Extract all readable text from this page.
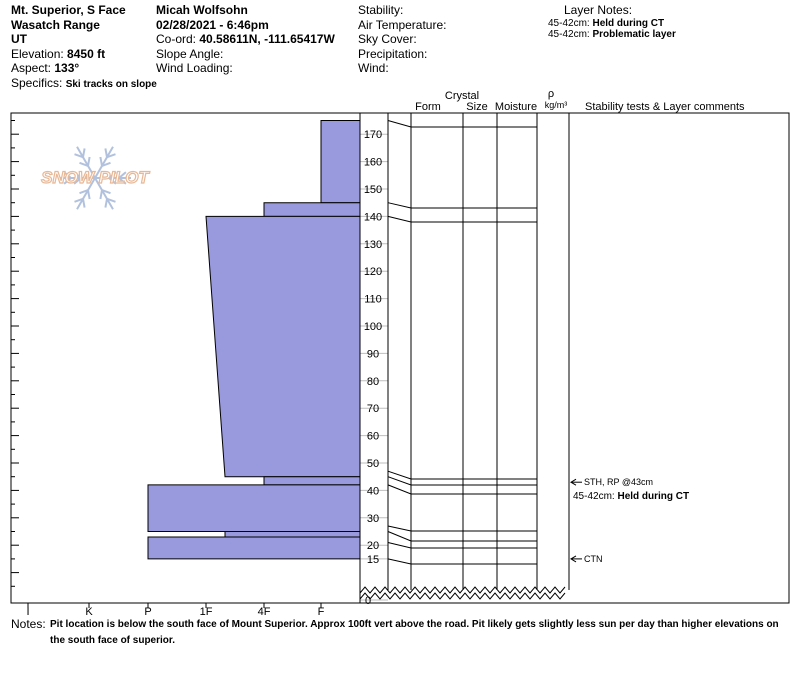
Mt. Superior, S Face
Wasatch Range
UT
Elevation: 8450 ft
Aspect: 133°
Specifics: Ski tracks on slope
Micah Wolfsohn
02/28/2021 - 6:46pm
Co-ord: 40.58611N, -111.65417W
Slope Angle:
Wind Loading:
Stability:
Air Temperature:
Sky Cover:
Precipitation:
Wind:
Layer Notes:
45-42cm: Held during CT
45-42cm: Problematic layer
SNOW PILOT
0
15
20
30
40
50
60
70
80
90
100
110
120
130
140
150
160
170
I	K	P	1F	4F	F
Crystal
Form Size Moisture
ρ
kg/m³ Stability tests & Layer comments
STH, RP @43cm
45-42cm: Held during CT
CTN
Notes: Pit location is below the south face of Mount Superior. Approx 100ft vert above the road. Pit likely gets slightly less sun per day than higher elevations on the south face of superior.
